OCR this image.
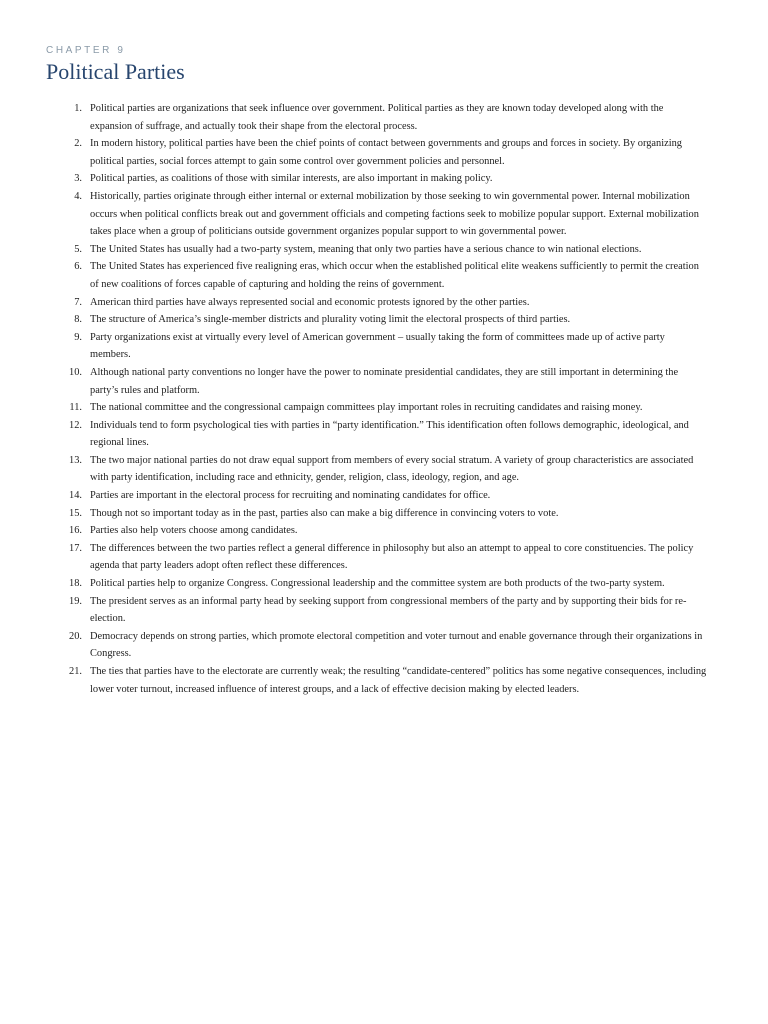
CHAPTER 9
Political Parties
1. Political parties are organizations that seek influence over government. Political parties as they are known today developed along with the expansion of suffrage, and actually took their shape from the electoral process.
2. In modern history, political parties have been the chief points of contact between governments and groups and forces in society. By organizing political parties, social forces attempt to gain some control over government policies and personnel.
3. Political parties, as coalitions of those with similar interests, are also important in making policy.
4. Historically, parties originate through either internal or external mobilization by those seeking to win governmental power. Internal mobilization occurs when political conflicts break out and government officials and competing factions seek to mobilize popular support. External mobilization takes place when a group of politicians outside government organizes popular support to win governmental power.
5. The United States has usually had a two-party system, meaning that only two parties have a serious chance to win national elections.
6. The United States has experienced five realigning eras, which occur when the established political elite weakens sufficiently to permit the creation of new coalitions of forces capable of capturing and holding the reins of government.
7. American third parties have always represented social and economic protests ignored by the other parties.
8. The structure of America’s single-member districts and plurality voting limit the electoral prospects of third parties.
9. Party organizations exist at virtually every level of American government – usually taking the form of committees made up of active party members.
10. Although national party conventions no longer have the power to nominate presidential candidates, they are still important in determining the party’s rules and platform.
11. The national committee and the congressional campaign committees play important roles in recruiting candidates and raising money.
12. Individuals tend to form psychological ties with parties in “party identification.” This identification often follows demographic, ideological, and regional lines.
13. The two major national parties do not draw equal support from members of every social stratum. A variety of group characteristics are associated with party identification, including race and ethnicity, gender, religion, class, ideology, region, and age.
14. Parties are important in the electoral process for recruiting and nominating candidates for office.
15. Though not so important today as in the past, parties also can make a big difference in convincing voters to vote.
16. Parties also help voters choose among candidates.
17. The differences between the two parties reflect a general difference in philosophy but also an attempt to appeal to core constituencies. The policy agenda that party leaders adopt often reflect these differences.
18. Political parties help to organize Congress. Congressional leadership and the committee system are both products of the two-party system.
19. The president serves as an informal party head by seeking support from congressional members of the party and by supporting their bids for re-election.
20. Democracy depends on strong parties, which promote electoral competition and voter turnout and enable governance through their organizations in Congress.
21. The ties that parties have to the electorate are currently weak; the resulting “candidate-centered” politics has some negative consequences, including lower voter turnout, increased influence of interest groups, and a lack of effective decision making by elected leaders.
